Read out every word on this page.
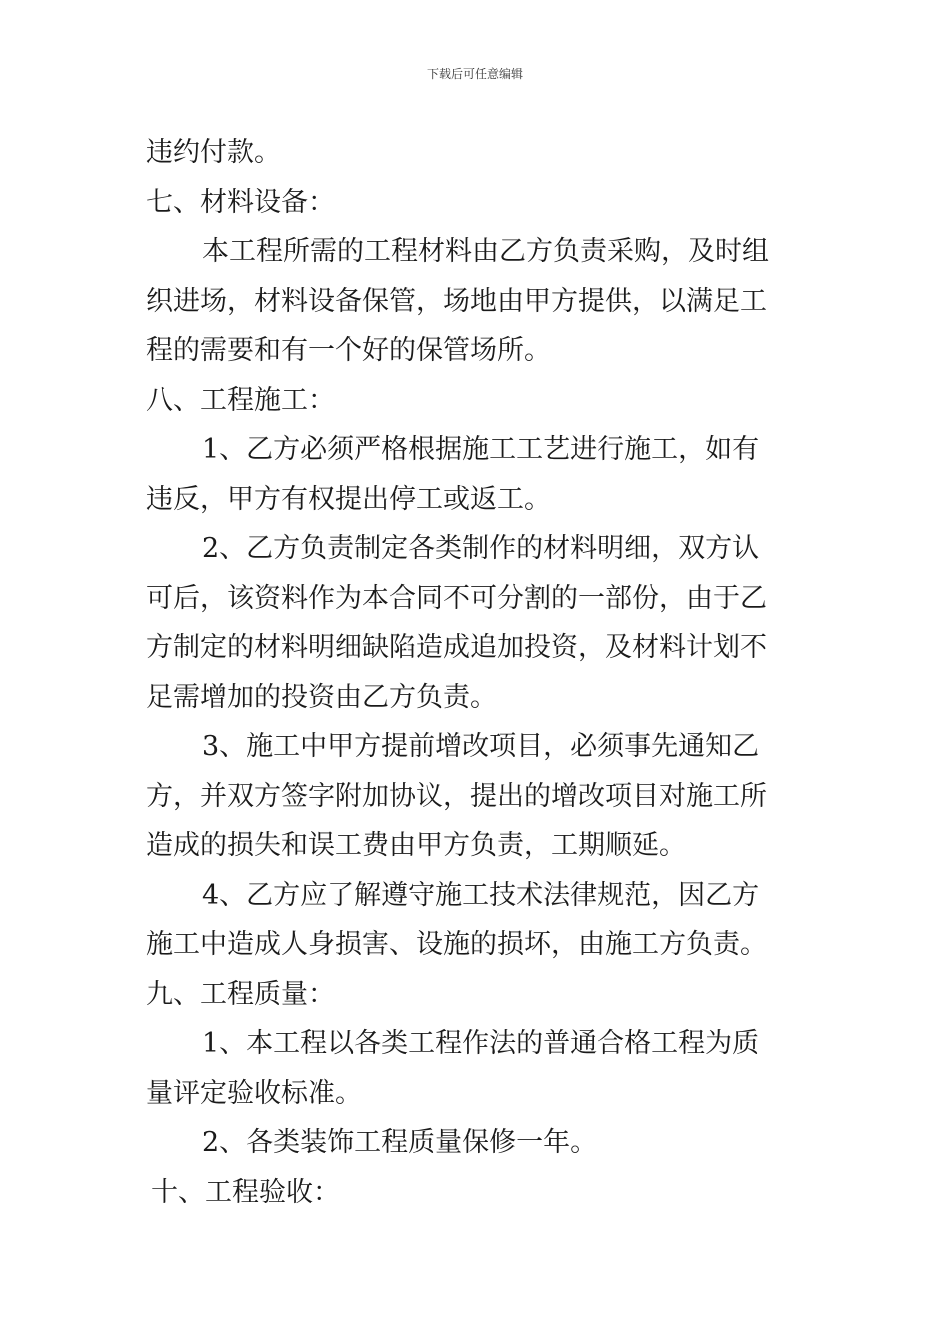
下载后可任意编辑
违约付款。
七、材料设备：
本工程所需的工程材料由乙方负责采购，及时组
织进场，材料设备保管，场地由甲方提供，以满足工
程的需要和有一个好的保管场所。
八、工程施工：
1、乙方必须严格根据施工工艺进行施工，如有
违反，甲方有权提出停工或返工。
2、乙方负责制定各类制作的材料明细，双方认
可后，该资料作为本合同不可分割的一部份，由于乙
方制定的材料明细缺陷造成追加投资，及材料计划不
足需增加的投资由乙方负责。
3、施工中甲方提前增改项目，必须事先通知乙
方，并双方签字附加协议，提出的增改项目对施工所
造成的损失和误工费由甲方负责，工期顺延。
4、乙方应了解遵守施工技术法律规范，因乙方
施工中造成人身损害、设施的损坏，由施工方负责。
九、工程质量：
1、本工程以各类工程作法的普通合格工程为质
量评定验收标准。
2、各类装饰工程质量保修一年。
十、工程验收：
